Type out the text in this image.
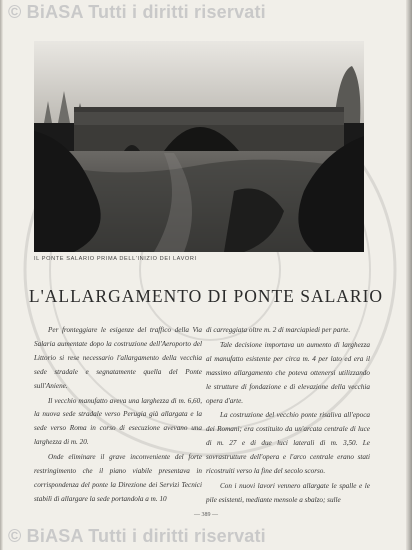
© BiASA Tutti i diritti riservati
IL PONTE SALARIO PRIMA DELL'INIZIO DEI LAVORI
L'ALLARGAMENTO DI PONTE SALARIO

Per fronteggiare le esigenze del traffico della Via Salaria aumentate dopo la costruzione dell'Aeroporto del Littorio si rese necessario l'allargamento della vecchia sede stradale e segnatamente quella del Ponte sull'Aniene.

Il vecchio manufatto aveva una larghezza di m. 6,60, la nuova sede stradale verso Perugia già allargata e la sede verso Roma in corso di esecuzione avevano una larghezza di m. 20.

Onde eliminare il grave inconveniente del forte restringimento che il piano viabile presentava in corrispondenza del ponte la Direzione dei Servizi Tecnici stabilì di allargare la sede portandola a m. 10

di carreggiata oltre m. 2 di marciapiedi per parte.

Tale decisione importava un aumento di larghezza al manufatto esistente per circa m. 4 per lato ed era il massimo allargamento che poteva ottenersi utilizzando le strutture di fondazione e di elevazione della vecchia opera d'arte.

La costruzione del vecchio ponte risaliva all'epoca dei Romani; era costituito da un'arcata centrale di luce di m. 27 e di due luci laterali di m. 3,50. Le sovrastrutture dell'opera e l'arco centrale erano stati ricostruiti verso la fine del secolo scorso.

Con i nuovi lavori vennero allargate le spalle e le pile esistenti, mediante mensole a sbalzo; sulle

— 389 —
© BiASA Tutti i diritti riservati
